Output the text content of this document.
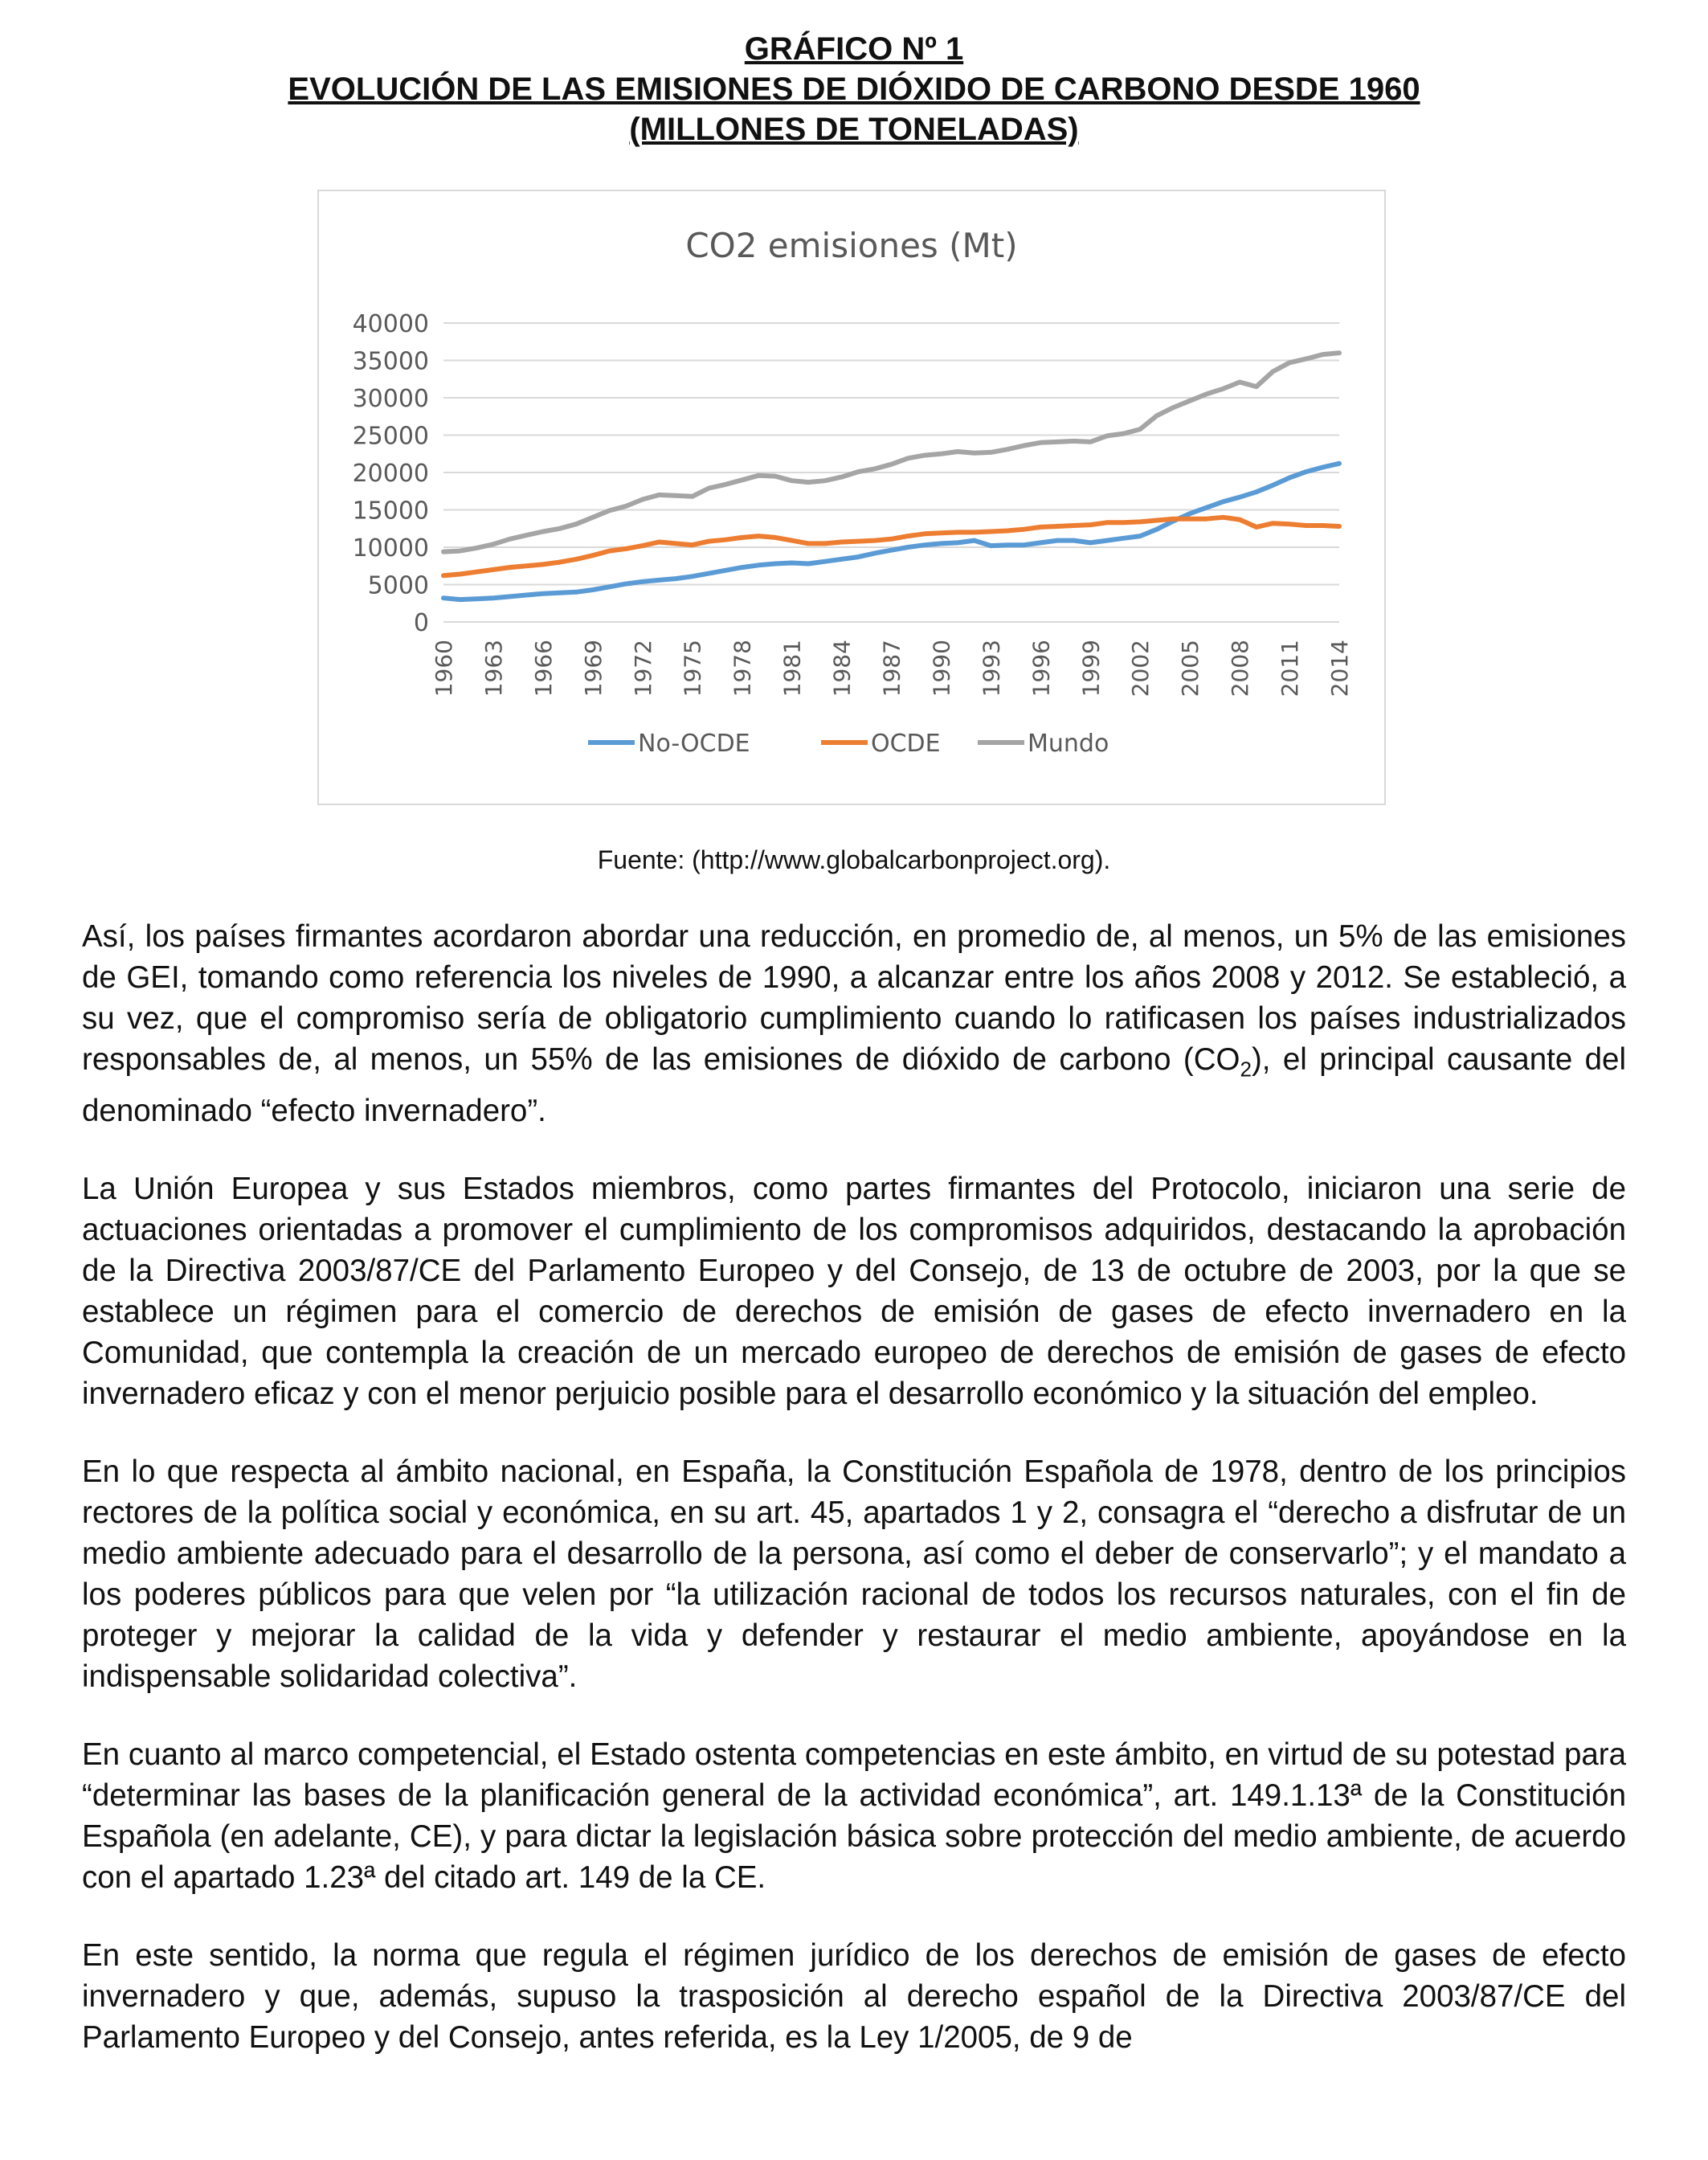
GRÁFICO Nº 1
EVOLUCIÓN DE LAS EMISIONES DE DIÓXIDO DE CARBONO DESDE 1960
(MILLONES DE TONELADAS)
CO2 emisiones (Mt)
40000
35000
30000
25000
20000
15000
10000
5000
0
1960 1963 1966 1969 1972 1975 1978 1981 1984 1987 1990 1993 1996 1999 2002 2005 2008 2011 2014
No-OCDE	OCDE	Mundo
Fuente: (http://www.globalcarbonproject.org).

Así, los países firmantes acordaron abordar una reducción, en promedio de, al menos, un 5% de las emisiones de GEI, tomando como referencia los niveles de 1990, a alcanzar entre los años 2008 y 2012. Se estableció, a su vez, que el compromiso sería de obligatorio cumplimiento cuando lo ratificasen los países industrializados responsables de, al menos, un 55% de las emisiones de dióxido de carbono $(CO_2)$, el principal causante del denominado “efecto invernadero”.

La Unión Europea y sus Estados miembros, como partes firmantes del Protocolo, iniciaron una serie de actuaciones orientadas a promover el cumplimiento de los compromisos adquiridos, destacando la aprobación de la Directiva 2003/87/CE del Parlamento Europeo y del Consejo, de 13 de octubre de 2003, por la que se establece un régimen para el comercio de derechos de emisión de gases de efecto invernadero en la Comunidad, que contempla la creación de un mercado europeo de derechos de emisión de gases de efecto invernadero eficaz y con el menor perjuicio posible para el desarrollo económico y la situación del empleo.

En lo que respecta al ámbito nacional, en España, la Constitución Española de 1978, dentro de los principios rectores de la política social y económica, en su art. 45, apartados 1 y 2, consagra el “derecho a disfrutar de un medio ambiente adecuado para el desarrollo de la persona, así como el deber de conservarlo”; y el mandato a los poderes públicos para que velen por “la utilización racional de todos los recursos naturales, con el fin de proteger y mejorar la calidad de la vida y defender y restaurar el medio ambiente, apoyándose en la indispensable solidaridad colectiva”.

En cuanto al marco competencial, el Estado ostenta competencias en este ámbito, en virtud de su potestad para “determinar las bases de la planificación general de la actividad económica”, art. 149.1.13ª de la Constitución Española (en adelante, CE), y para dictar la legislación básica sobre protección del medio ambiente, de acuerdo con el apartado 1.23ª del citado art. 149 de la CE.

En este sentido, la norma que regula el régimen jurídico de los derechos de emisión de gases de efecto invernadero y que, además, supuso la trasposición al derecho español de la Directiva 2003/87/CE del Parlamento Europeo y del Consejo, antes referida, es la Ley 1/2005, de 9 de
